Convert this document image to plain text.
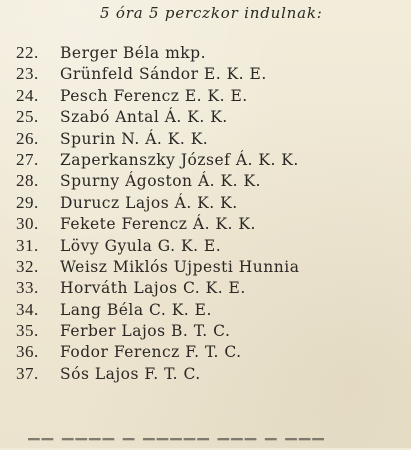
5 óra 5 perczkor indulnak:
22.	Berger Béla mkp.
23.	Grünfeld Sándor E. K. E.
24.	Pesch Ferencz E. K. E.
25.	Szabó Antal Á. K. K.
26.	Spurin N. Á. K. K.
27.	Zaperkanszky József Á. K. K.
28.	Spurny Ágoston Á. K. K.
29.	Durucz Lajos Á. K. K.
30.	Fekete Ferencz Á. K. K.
31.	Lövy Gyula G. K. E.
32.	Weisz Miklós Ujpesti Hunnia
33.	Horváth Lajos C. K. E.
34.	Lang Béla C. K. E.
35.	Ferber Lajos B. T. C.
36.	Fodor Ferencz F. T. C.
37.	Sós Lajos F. T. C.
▔▔ ▔▔▔▔ ▔ ▔▔▔▔▔ ▔▔▔ ▔ ▔▔▔
